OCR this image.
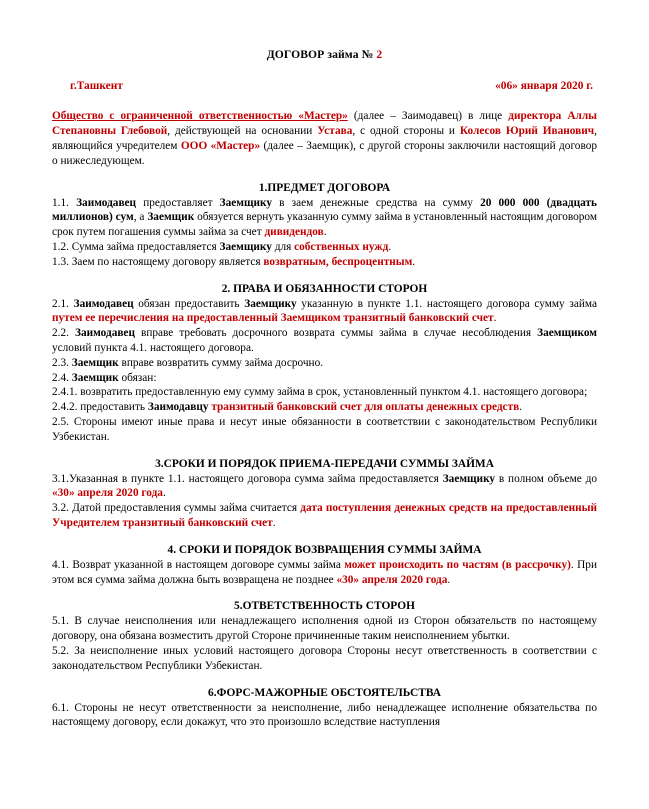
ДОГОВОР займа № 2
г.Ташкент	«06» января 2020 г.
Общество с ограниченной ответственностью «Мастер» (далее – Заимодавец) в лице директора Аллы Степановны Глебовой, действующей на основании Устава, с одной стороны и Колесов Юрий Иванович, являющийся учредителем ООО «Мастер» (далее – Заемщик), с другой стороны заключили настоящий договор о нижеследующем.
1.ПРЕДМЕТ ДОГОВОРА

1.1. Заимодавец предоставляет Заемщику в заем денежные средства на сумму 20 000 000 (двадцать миллионов) сум, а Заемщик обязуется вернуть указанную сумму займа в установленный настоящим договором срок путем погашения суммы займа за счет дивидендов.

1.2. Сумма займа предоставляется Заемщику для собственных нужд.

1.3. Заем по настоящему договору является возвратным, беспроцентным.

2. ПРАВА И ОБЯЗАННОСТИ СТОРОН

2.1. Заимодавец обязан предоставить Заемщику указанную в пункте 1.1. настоящего договора сумму займа путем ее перечисления на предоставленный Заемщиком транзитный банковский счет.

2.2. Заимодавец вправе требовать досрочного возврата суммы займа в случае несоблюдения Заемщиком условий пункта 4.1. настоящего договора.

2.3. Заемщик вправе возвратить сумму займа досрочно.

2.4. Заемщик обязан:

2.4.1. возвратить предоставленную ему сумму займа в срок, установленный пунктом 4.1. настоящего договора;

2.4.2. предоставить Заимодавцу транзитный банковский счет для оплаты денежных средств.

2.5. Стороны имеют иные права и несут иные обязанности в соответствии с законодательством Республики Узбекистан.

3.СРОКИ И ПОРЯДОК ПРИЕМА-ПЕРЕДАЧИ СУММЫ ЗАЙМА

3.1.Указанная в пункте 1.1. настоящего договора сумма займа предоставляется Заемщику в полном объеме до «30» апреля 2020 года.

3.2. Датой предоставления суммы займа считается дата поступления денежных средств на предоставленный Учредителем транзитный банковский счет.

4. СРОКИ И ПОРЯДОК ВОЗВРАЩЕНИЯ СУММЫ ЗАЙМА

4.1. Возврат указанной в настоящем договоре суммы займа может происходить по частям (в рассрочку). При этом вся сумма займа должна быть возвращена не позднее «30» апреля 2020 года.

5.ОТВЕТСТВЕННОСТЬ СТОРОН

5.1. В случае неисполнения или ненадлежащего исполнения одной из Сторон обязательств по настоящему договору, она обязана возместить другой Стороне причиненные таким неисполнением убытки.

5.2. За неисполнение иных условий настоящего договора Стороны несут ответственность в соответствии с законодательством Республики Узбекистан.

6.ФОРС-МАЖОРНЫЕ ОБСТОЯТЕЛЬСТВА

6.1. Стороны не несут ответственности за неисполнение, либо ненадлежащее исполнение обязательства по настоящему договору, если докажут, что это произошло вследствие наступления
